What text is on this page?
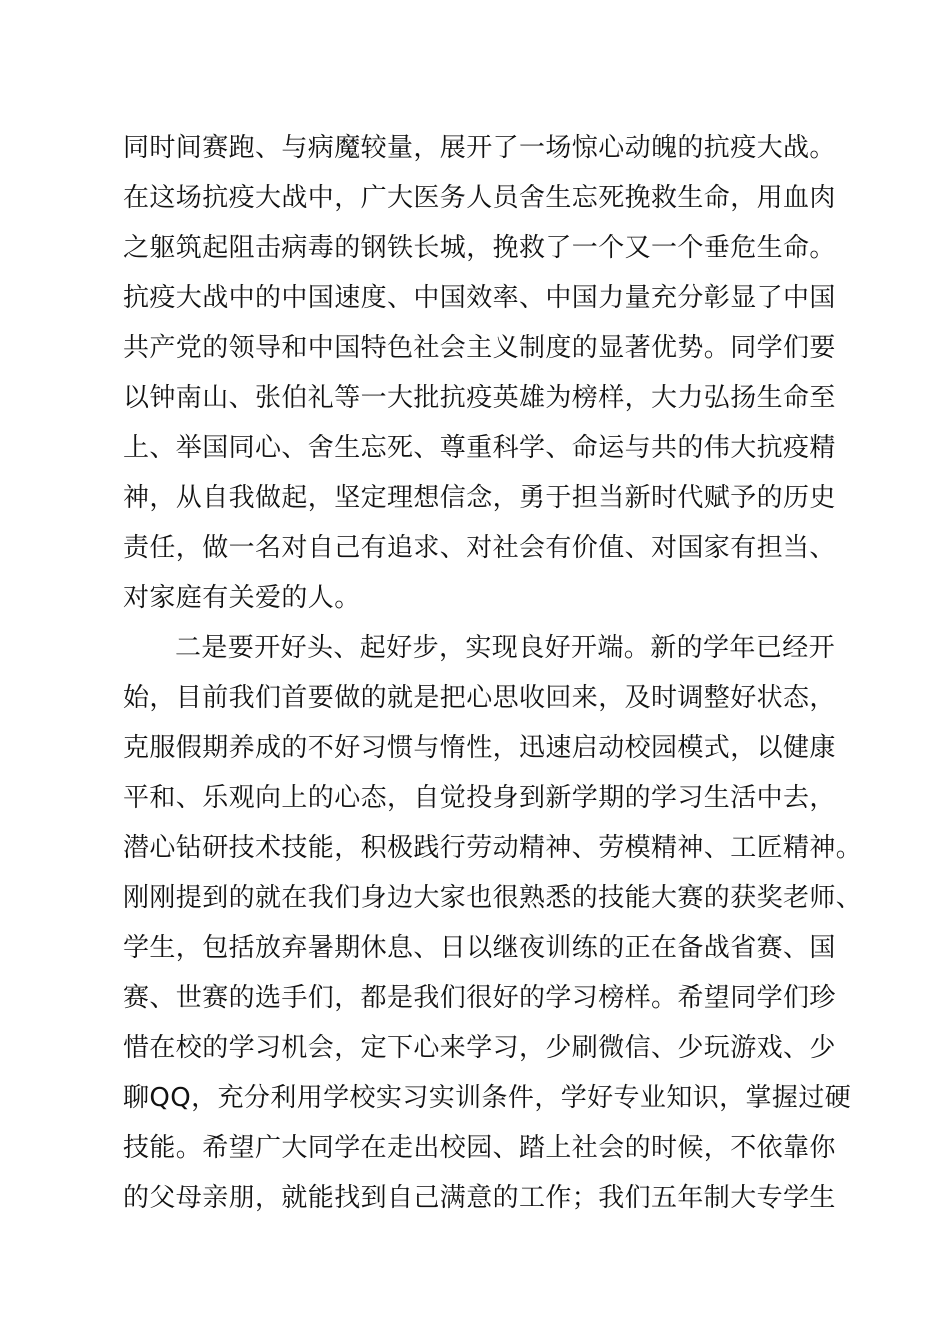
同时间赛跑、与病魔较量，展开了一场惊心动魄的抗疫大战。
在这场抗疫大战中，广大医务人员舍生忘死挽救生命，用血肉
之躯筑起阻击病毒的钢铁长城，挽救了一个又一个垂危生命。
抗疫大战中的中国速度、中国效率、中国力量充分彰显了中国
共产党的领导和中国特色社会主义制度的显著优势。同学们要
以钟南山、张伯礼等一大批抗疫英雄为榜样，大力弘扬生命至
上、举国同心、舍生忘死、尊重科学、命运与共的伟大抗疫精
神，从自我做起，坚定理想信念，勇于担当新时代赋予的历史
责任，做一名对自己有追求、对社会有价值、对国家有担当、
对家庭有关爱的人。
二是要开好头、起好步，实现良好开端。新的学年已经开
始，目前我们首要做的就是把心思收回来，及时调整好状态，
克服假期养成的不好习惯与惰性，迅速启动校园模式，以健康
平和、乐观向上的心态，自觉投身到新学期的学习生活中去，
潜心钻研技术技能，积极践行劳动精神、劳模精神、工匠精神。
刚刚提到的就在我们身边大家也很熟悉的技能大赛的获奖老师、
学生，包括放弃暑期休息、日以继夜训练的正在备战省赛、国
赛、世赛的选手们，都是我们很好的学习榜样。希望同学们珍
惜在校的学习机会，定下心来学习，少刷微信、少玩游戏、少
聊QQ，充分利用学校实习实训条件，学好专业知识，掌握过硬
技能。希望广大同学在走出校园、踏上社会的时候，不依靠你
的父母亲朋，就能找到自己满意的工作；我们五年制大专学生
